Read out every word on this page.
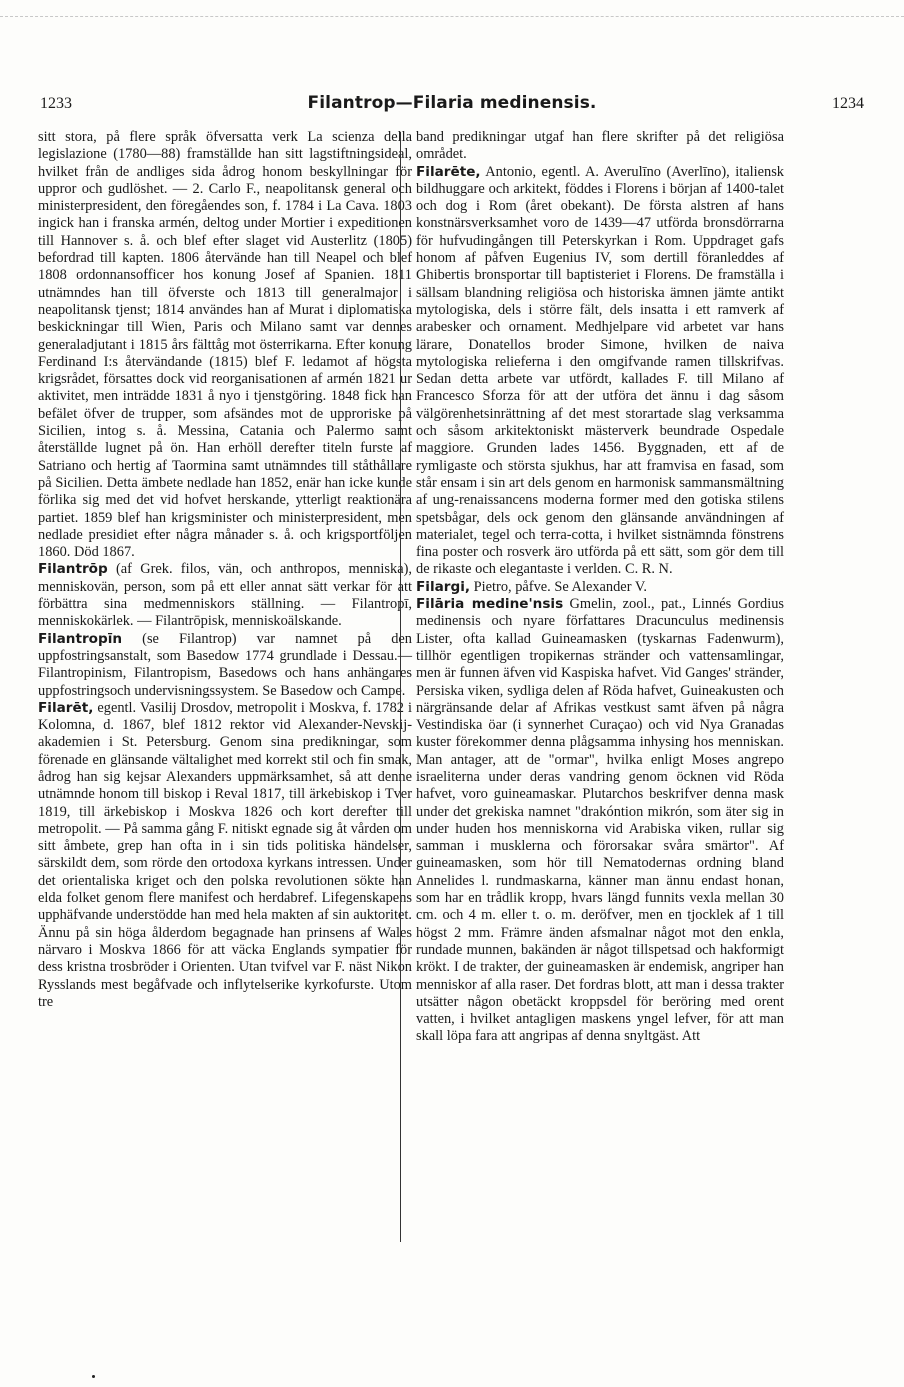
1233	Filantrop—Filaria medinensis.	1234

sitt stora, på flere språk öfversatta verk La scienza della legislazione (1780—88) framställde han sitt lagstiftningsideal, hvilket från de andliges sida ådrog honom beskyllningar för uppror och gudlöshet. — 2. Carlo F., neapolitansk general och ministerpresident, den föregåendes son, f. 1784 i La Cava. 1803 ingick han i franska armén, deltog under Mortier i expeditionen till Hannover s. å. och blef efter slaget vid Austerlitz (1805) befordrad till kapten. 1806 återvände han till Neapel och blef 1808 ordonnansofficer hos konung Josef af Spanien. 1811 utnämndes han till öfverste och 1813 till generalmajor i neapolitansk tjenst; 1814 användes han af Murat i diplomatiska beskickningar till Wien, Paris och Milano samt var dennes generaladjutant i 1815 års fälttåg mot österrikarna. Efter konung Ferdinand I:s återvändande (1815) blef F. ledamot af högsta krigsrådet, försattes dock vid reorganisationen af armén 1821 ur aktivitet, men inträdde 1831 å nyo i tjenstgöring. 1848 fick han befälet öfver de trupper, som afsändes mot de upproriske på Sicilien, intog s. å. Messina, Catania och Palermo samt återställde lugnet på ön. Han erhöll derefter titeln furste af Satriano och hertig af Taormina samt utnämndes till ståthållare på Sicilien. Detta ämbete nedlade han 1852, enär han icke kunde förlika sig med det vid hofvet herskande, ytterligt reaktionära partiet. 1859 blef han krigsminister och ministerpresident, men nedlade presidiet efter några månader s. å. och krigsportföljen 1860. Död 1867.

Filantrōp (af Grek. filos, vän, och anthropos, menniska), menniskovän, person, som på ett eller annat sätt verkar för att förbättra sina medmenniskors ställning. — Filantropī, menniskokärlek. — Filantrōpisk, menniskoälskande.

Filantropīn (se Filantrop) var namnet på den uppfostringsanstalt, som Basedow 1774 grundlade i Dessau.— Filantropinism, Filantropism, Basedows och hans anhängares uppfostringsoch undervisningssystem. Se Basedow och Campe.

Filarēt, egentl. Vasilij Drosdov, metropolit i Moskva, f. 1782 i Kolomna, d. 1867, blef 1812 rektor vid Alexander-Nevskij-akademien i St. Petersburg. Genom sina predikningar, som förenade en glänsande vältalighet med korrekt stil och fin smak, ådrog han sig kejsar Alexanders uppmärksamhet, så att denne utnämnde honom till biskop i Reval 1817, till ärkebiskop i Tver 1819, till ärkebiskop i Moskva 1826 och kort derefter till metropolit. — På samma gång F. nitiskt egnade sig åt vården om sitt åmbete, grep han ofta in i sin tids politiska händelser, särskildt dem, som rörde den ortodoxa kyrkans intressen. Under det orientaliska kriget och den polska revolutionen sökte han elda folket genom flere manifest och herdabref. Lifegenskapens upphäfvande understödde han med hela makten af sin auktoritet. Ännu på sin höga ålderdom begagnade han prinsens af Wales närvaro i Moskva 1866 för att väcka Englands sympatier för dess kristna trosbröder i Orienten. Utan tvifvel var F. näst Nikon Rysslands mest begåfvade och inflytelserike kyrkofurste. Utom tre

band predikningar utgaf han flere skrifter på det religiösa området.

Filarēte, Antonio, egentl. A. Averulīno (Averlīno), italiensk bildhuggare och arkitekt, föddes i Florens i början af 1400-talet och dog i Rom (året obekant). De första alstren af hans konstnärsverksamhet voro de 1439—47 utförda bronsdörrarna för hufvudingången till Peterskyrkan i Rom. Uppdraget gafs honom af påfven Eugenius IV, som dertill föranleddes af Ghibertis bronsportar till baptisteriet i Florens. De framställa i sällsam blandning religiösa och historiska ämnen jämte antikt mytologiska, dels i större fält, dels insatta i ett ramverk af arabesker och ornament. Medhjelpare vid arbetet var hans lärare, Donatellos broder Simone, hvilken de naiva mytologiska relieferna i den omgifvande ramen tillskrifvas. Sedan detta arbete var utfördt, kallades F. till Milano af Francesco Sforza för att der utföra det ännu i dag såsom välgörenhetsinrättning af det mest storartade slag verksamma och såsom arkitektoniskt mästerverk beundrade Ospedale maggiore. Grunden lades 1456. Byggnaden, ett af de rymligaste och största sjukhus, har att framvisa en fasad, som står ensam i sin art dels genom en harmonisk sammansmältning af ung-renaissancens moderna former med den gotiska stilens spetsbågar, dels ock genom den glänsande användningen af materialet, tegel och terra-cotta, i hvilket sistnämnda fönstrens fina poster och rosverk äro utförda på ett sätt, som gör dem till de rikaste och elegantaste i verlden. C. R. N.

Filargi, Pietro, påfve. Se Alexander V.

Filāria medine'nsis Gmelin, zool., pat., Linnés Gordius medinensis och nyare författares Dracunculus medinensis Lister, ofta kallad Guineamasken (tyskarnas Fadenwurm), tillhör egentligen tropikernas stränder och vattensamlingar, men är funnen äfven vid Kaspiska hafvet. Vid Ganges' stränder, Persiska viken, sydliga delen af Röda hafvet, Guineakusten och närgränsande delar af Afrikas vestkust samt äfven på några Vestindiska öar (i synnerhet Curaçao) och vid Nya Granadas kuster förekommer denna plågsamma inhysing hos menniskan. Man antager, att de "ormar", hvilka enligt Moses angrepo israeliterna under deras vandring genom öcknen vid Röda hafvet, voro guineamaskar. Plutarchos beskrifver denna mask under det grekiska namnet "drakóntion mikrón, som äter sig in under huden hos menniskorna vid Arabiska viken, rullar sig samman i musklerna och förorsakar svåra smärtor". Af guineamasken, som hör till Nematodernas ordning bland Annelides l. rundmaskarna, känner man ännu endast honan, som har en trådlik kropp, hvars längd funnits vexla mellan 30 cm. och 4 m. eller t. o. m. deröfver, men en tjocklek af 1 till högst 2 mm. Främre änden afsmalnar något mot den enkla, rundade munnen, bakänden är något tillspetsad och hakformigt krökt. I de trakter, der guineamasken är endemisk, angriper han menniskor af alla raser. Det fordras blott, att man i dessa trakter utsätter någon obetäckt kroppsdel för beröring med orent vatten, i hvilket antagligen maskens yngel lefver, för att man skall löpa fara att angripas af denna snyltgäst. Att
